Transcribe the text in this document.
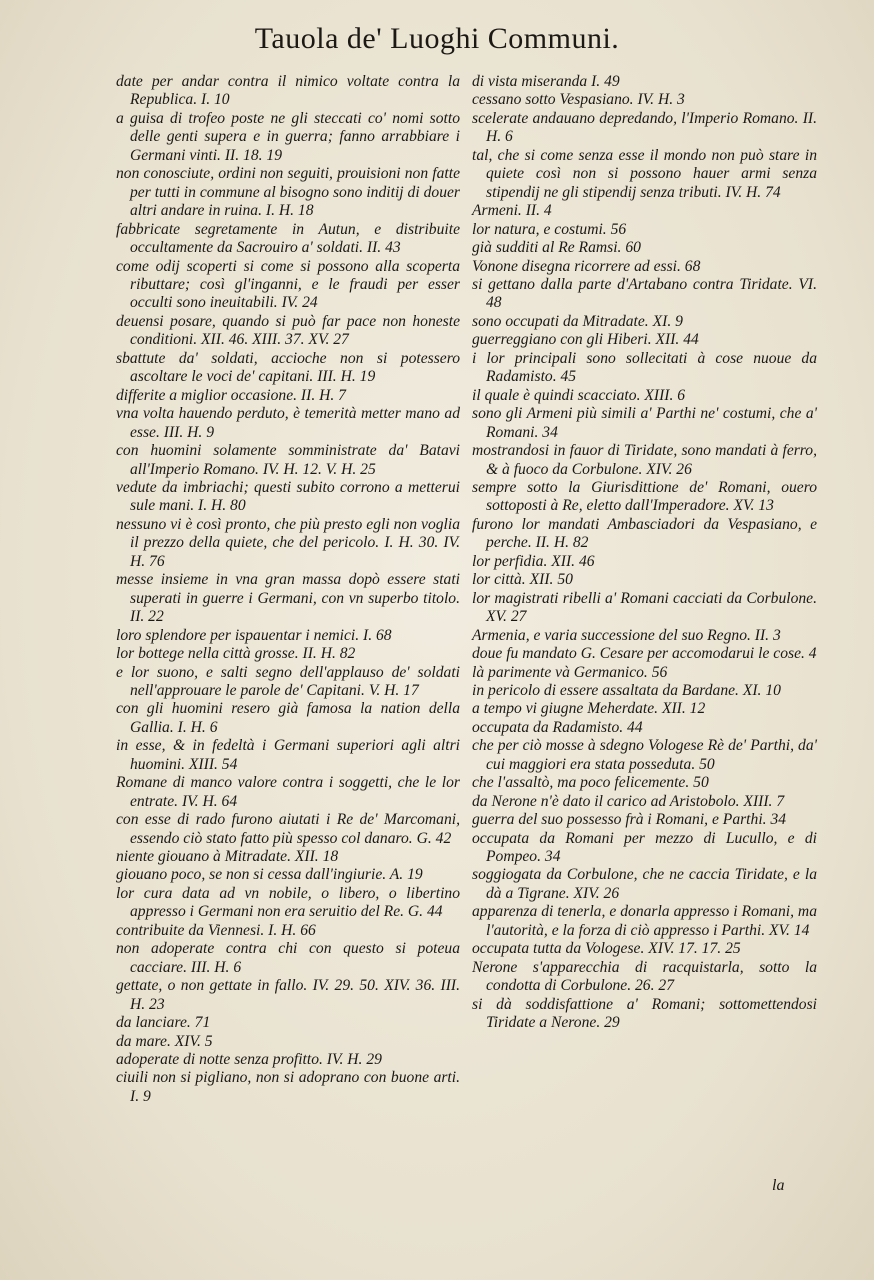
Tauola de' Luoghi Communi.

date per andar contra il nimico voltate contra la Republica. I. 10

a guisa di trofeo poste ne gli steccati co' nomi sotto delle genti supera e in guerra; fanno arrabbiare i Germani vinti. II. 18. 19

non conosciute, ordini non seguiti, prouisioni non fatte per tutti in commune al bisogno sono inditij di douer altri andare in ruina. I. H. 18

fabbricate segretamente in Autun, e distribuite occultamente da Sacrouiro a' soldati. II. 43

come odij scoperti si come si possono alla scoperta ributtare; così gl'inganni, e le fraudi per esser occulti sono ineuitabili. IV. 24

deuensi posare, quando si può far pace non honeste conditioni. XII. 46. XIII. 37. XV. 27

sbattute da' soldati, accioche non si potessero ascoltare le voci de' capitani. III. H. 19

differite a miglior occasione. II. H. 7

vna volta hauendo perduto, è temerità metter mano ad esse. III. H. 9

con huomini solamente somministrate da' Batavi all'Imperio Romano. IV. H. 12. V. H. 25

vedute da imbriachi; questi subito corrono a metterui sule mani. I. H. 80

nessuno vi è così pronto, che più presto egli non voglia il prezzo della quiete, che del pericolo. I. H. 30. IV. H. 76

messe insieme in vna gran massa dopò essere stati superati in guerre i Germani, con vn superbo titolo. II. 22

loro splendore per ispauentar i nemici. I. 68

lor bottege nella città grosse. II. H. 82

e lor suono, e salti segno dell'applauso de' soldati nell'approuare le parole de' Capitani. V. H. 17

con gli huomini resero già famosa la nation della Gallia. I. H. 6

in esse, & in fedeltà i Germani superiori agli altri huomini. XIII. 54

Romane di manco valore contra i soggetti, che le lor entrate. IV. H. 64

con esse di rado furono aiutati i Re de' Marcomani, essendo ciò stato fatto più spesso col danaro. G. 42

niente giouano à Mitradate. XII. 18

giouano poco, se non si cessa dall'ingiurie. A. 19

lor cura data ad vn nobile, o libero, o libertino appresso i Germani non era seruitio del Re. G. 44

contribuite da Viennesi. I. H. 66

non adoperate contra chi con questo si poteua cacciare. III. H. 6

gettate, o non gettate in fallo. IV. 29. 50. XIV. 36. III. H. 23

da lanciare. 71

da mare. XIV. 5

adoperate di notte senza profitto. IV. H. 29

ciuili non si pigliano, non si adoprano con buone arti. I. 9

di vista miseranda I. 49

cessano sotto Vespasiano. IV. H. 3

scelerate andauano depredando, l'Imperio Romano. II. H. 6

tal, che si come senza esse il mondo non può stare in quiete così non si possono hauer armi senza stipendij ne gli stipendij senza tributi. IV. H. 74

Armeni. II. 4

lor natura, e costumi. 56

già sudditi al Re Ramsi. 60

Vonone disegna ricorrere ad essi. 68

si gettano dalla parte d'Artabano contra Tiridate. VI. 48

sono occupati da Mitradate. XI. 9

guerreggiano con gli Hiberi. XII. 44

i lor principali sono sollecitati à cose nuoue da Radamisto. 45

il quale è quindi scacciato. XIII. 6

sono gli Armeni più simili a' Parthi ne' costumi, che a' Romani. 34

mostrandosi in fauor di Tiridate, sono mandati à ferro, & à fuoco da Corbulone. XIV. 26

sempre sotto la Giurisdittione de' Romani, ouero sottoposti à Re, eletto dall'Imperadore. XV. 13

furono lor mandati Ambasciadori da Vespasiano, e perche. II. H. 82

lor perfidia. XII. 46

lor città. XII. 50

lor magistrati ribelli a' Romani cacciati da Corbulone. XV. 27

Armenia, e varia successione del suo Regno. II. 3

doue fu mandato G. Cesare per accomodarui le cose. 4

là parimente và Germanico. 56

in pericolo di essere assaltata da Bardane. XI. 10

a tempo vi giugne Meherdate. XII. 12

occupata da Radamisto. 44

che per ciò mosse à sdegno Vologese Rè de' Parthi, da' cui maggiori era stata posseduta. 50

che l'assaltò, ma poco felicemente. 50

da Nerone n'è dato il carico ad Aristobolo. XIII. 7

guerra del suo possesso frà i Romani, e Parthi. 34

occupata da Romani per mezzo di Lucullo, e di Pompeo. 34

soggiogata da Corbulone, che ne caccia Tiridate, e la dà a Tigrane. XIV. 26

apparenza di tenerla, e donarla appresso i Romani, ma l'autorità, e la forza di ciò appresso i Parthi. XV. 14

occupata tutta da Vologese. XIV. 17. 17. 25

Nerone s'apparecchia di racquistarla, sotto la condotta di Corbulone. 26. 27

si dà soddisfattione a' Romani; sottomettendosi Tiridate a Nerone. 29

la
